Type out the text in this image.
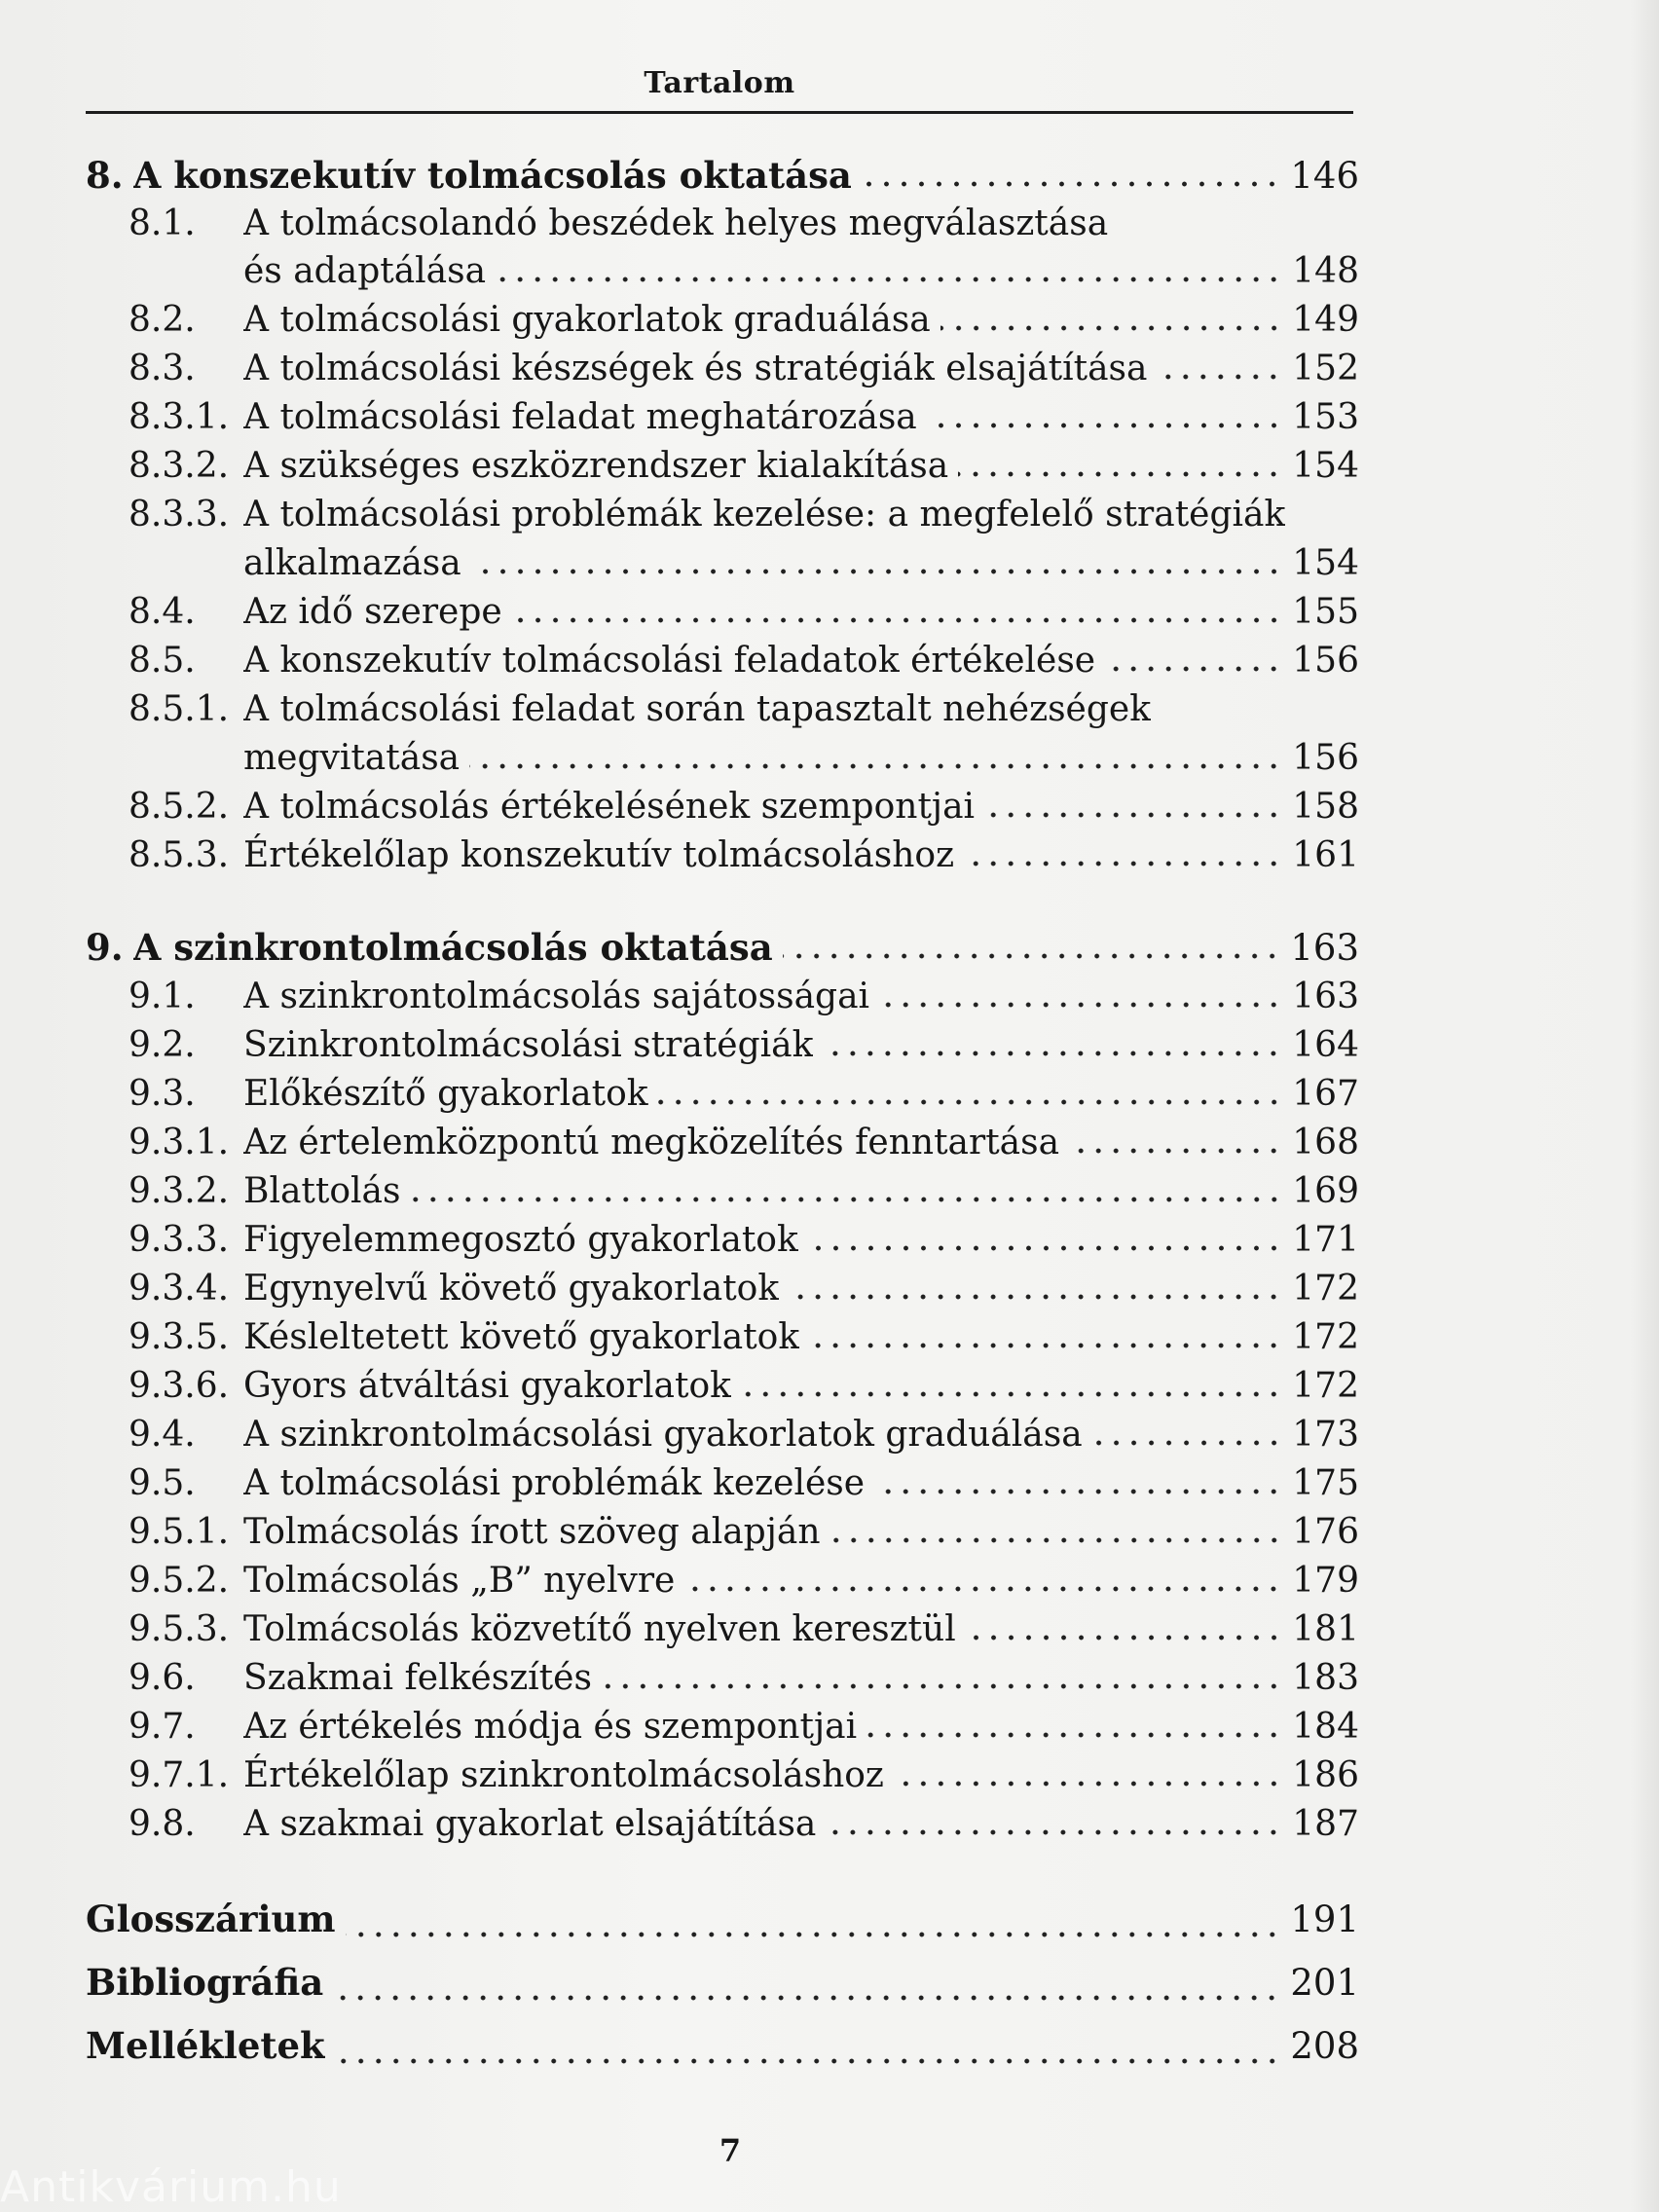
Tartalom
8. A konszekutív tolmácsolás oktatása	146
8.1.	A tolmácsolandó beszédek helyes megválasztása
és adaptálása	148
8.2.	A tolmácsolási gyakorlatok graduálása	149
8.3.	A tolmácsolási készségek és stratégiák elsajátítása	152
8.3.1. A tolmácsolási feladat meghatározása	153
8.3.2. A szükséges eszközrendszer kialakítása	154
8.3.3. A tolmácsolási problémák kezelése: a megfelelő stratégiák
alkalmazása	154
8.4.	Az idő szerepe	155
8.5.	A konszekutív tolmácsolási feladatok értékelése	156
8.5.1. A tolmácsolási feladat során tapasztalt nehézségek
megvitatása	156
8.5.2. A tolmácsolás értékelésének szempontjai	158
8.5.3. Értékelőlap konszekutív tolmácsoláshoz	161
9. A szinkrontolmácsolás oktatása	163
9.1.	A szinkrontolmácsolás sajátosságai	163
9.2.	Szinkrontolmácsolási stratégiák	164
9.3.	Előkészítő gyakorlatok	167
9.3.1. Az értelemközpontú megközelítés fenntartása	168
9.3.2. Blattolás	169
9.3.3. Figyelemmegosztó gyakorlatok	171
9.3.4. Egynyelvű követő gyakorlatok	172
9.3.5. Késleltetett követő gyakorlatok	172
9.3.6. Gyors átváltási gyakorlatok	172
9.4.	A szinkrontolmácsolási gyakorlatok graduálása	173
9.5.	A tolmácsolási problémák kezelése	175
9.5.1. Tolmácsolás írott szöveg alapján	176
9.5.2. Tolmácsolás „B” nyelvre	179
9.5.3. Tolmácsolás közvetítő nyelven keresztül	181
9.6.	Szakmai felkészítés	183
9.7.	Az értékelés módja és szempontjai	184
9.7.1. Értékelőlap szinkrontolmácsoláshoz	186
9.8.	A szakmai gyakorlat elsajátítása	187
Glosszárium	191
Bibliográfia	201
Mellékletek	208
7
Antikvárium.hu
